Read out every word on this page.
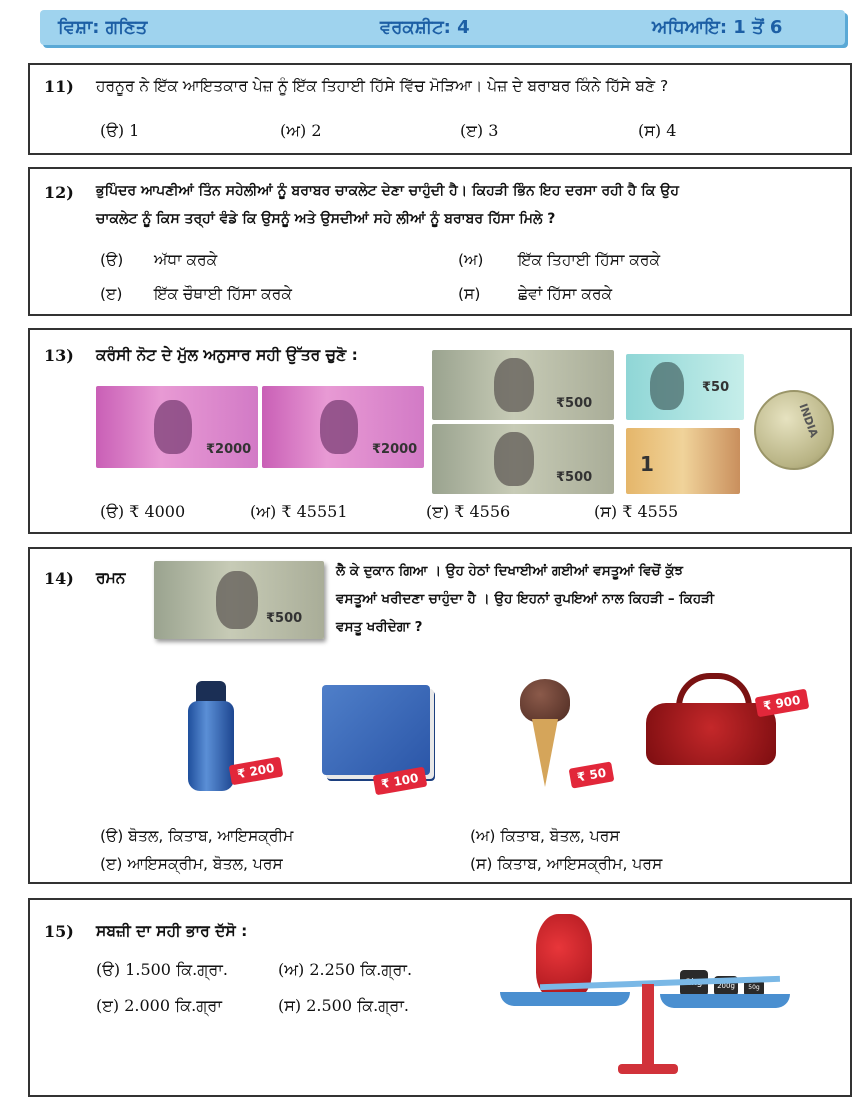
ਵਿਸ਼ਾ: ਗਣਿਤ	ਵਰਕਸ਼ੀਟ: 4	ਅਧਿਆਇ: 1 ਤੋਂ 6
11) ਹਰਨੂਰ ਨੇ ਇੱਕ ਆਇਤਕਾਰ ਪੇਜ਼ ਨੂੰ ਇੱਕ ਤਿਹਾਈ ਹਿੱਸੇ ਵਿੱਚ ਮੋੜਿਆ। ਪੇਜ਼ ਦੇ ਬਰਾਬਰ ਕਿੰਨੇ ਹਿੱਸੇ ਬਣੇ ?
(ੳ) 1	(ਅ) 2	(ੲ) 3	(ਸ) 4
12) ਭੁਪਿੰਦਰ ਆਪਣੀਆਂ ਤਿੰਨ ਸਹੇਲੀਆਂ ਨੂੰ ਬਰਾਬਰ ਚਾਕਲੇਟ ਦੇਣਾ ਚਾਹੁੰਦੀ ਹੈ। ਕਿਹੜੀ ਭਿੰਨ ਇਹ ਦਰਸਾ ਰਹੀ ਹੈ ਕਿ ਉਹ
ਚਾਕਲੇਟ ਨੂੰ ਕਿਸ ਤਰ੍ਹਾਂ ਵੰਡੇ ਕਿ ਉਸਨੂੰ ਅਤੇ ਉਸਦੀਆਂ ਸਹੇ ਲੀਆਂ ਨੂੰ ਬਰਾਬਰ ਹਿੱਸਾ ਮਿਲੇ ?
(ੳ) ਅੱਧਾ ਕਰਕੇ	(ਅ) ਇੱਕ ਤਿਹਾਈ ਹਿੱਸਾ ਕਰਕੇ
(ੲ) ਇੱਕ ਚੌਥਾਈ ਹਿੱਸਾ ਕਰਕੇ	(ਸ) ਛੇਵਾਂ ਹਿੱਸਾ ਕਰਕੇ
13) ਕਰੰਸੀ ਨੋਟ ਦੇ ਮੁੱਲ ਅਨੁਸਾਰ ਸਹੀ ਉੱਤਰ ਚੁਣੋ :
₹2000	₹2000
₹500
₹500
₹50
1
INDIA
(ੳ) ₹ 4000	(ਅ) ₹ 45551	(ੲ) ₹ 4556	(ਸ) ₹ 4555
14) ਰਮਨ
₹500
ਲੈ ਕੇ ਦੁਕਾਨ ਗਿਆ । ਉਹ ਹੇਠਾਂ ਦਿਖਾਈਆਂ ਗਈਆਂ ਵਸਤੂਆਂ ਵਿਚੋਂ ਕੁੱਝ
ਵਸਤੂਆਂ ਖਰੀਦਣਾ ਚਾਹੁੰਦਾ ਹੈ । ਉਹ ਇਹਨਾਂ ਰੁਪਇਆਂ ਨਾਲ ਕਿਹੜੀ – ਕਿਹੜੀ
ਵਸਤੂ ਖਰੀਦੇਗਾ ?
₹ 200	₹ 100	₹ 50
₹ 900
(ੳ) ਬੋਤਲ, ਕਿਤਾਬ, ਆਇਸਕ੍ਰੀਮ	(ਅ) ਕਿਤਾਬ, ਬੋਤਲ, ਪਰਸ
(ੲ) ਆਇਸਕ੍ਰੀਮ, ਬੋਤਲ, ਪਰਸ	(ਸ) ਕਿਤਾਬ, ਆਇਸਕ੍ਰੀਮ, ਪਰਸ
15) ਸਬਜ਼ੀ ਦਾ ਸਹੀ ਭਾਰ ਦੱਸੋ :
(ੳ) 1.500 ਕਿ.ਗ੍ਰਾ.	(ਅ) 2.250 ਕਿ.ਗ੍ਰਾ.
(ੲ) 2.000 ਕਿ.ਗ੍ਰਾ	(ਸ) 2.500 ਕਿ.ਗ੍ਰਾ.
200g	50g
